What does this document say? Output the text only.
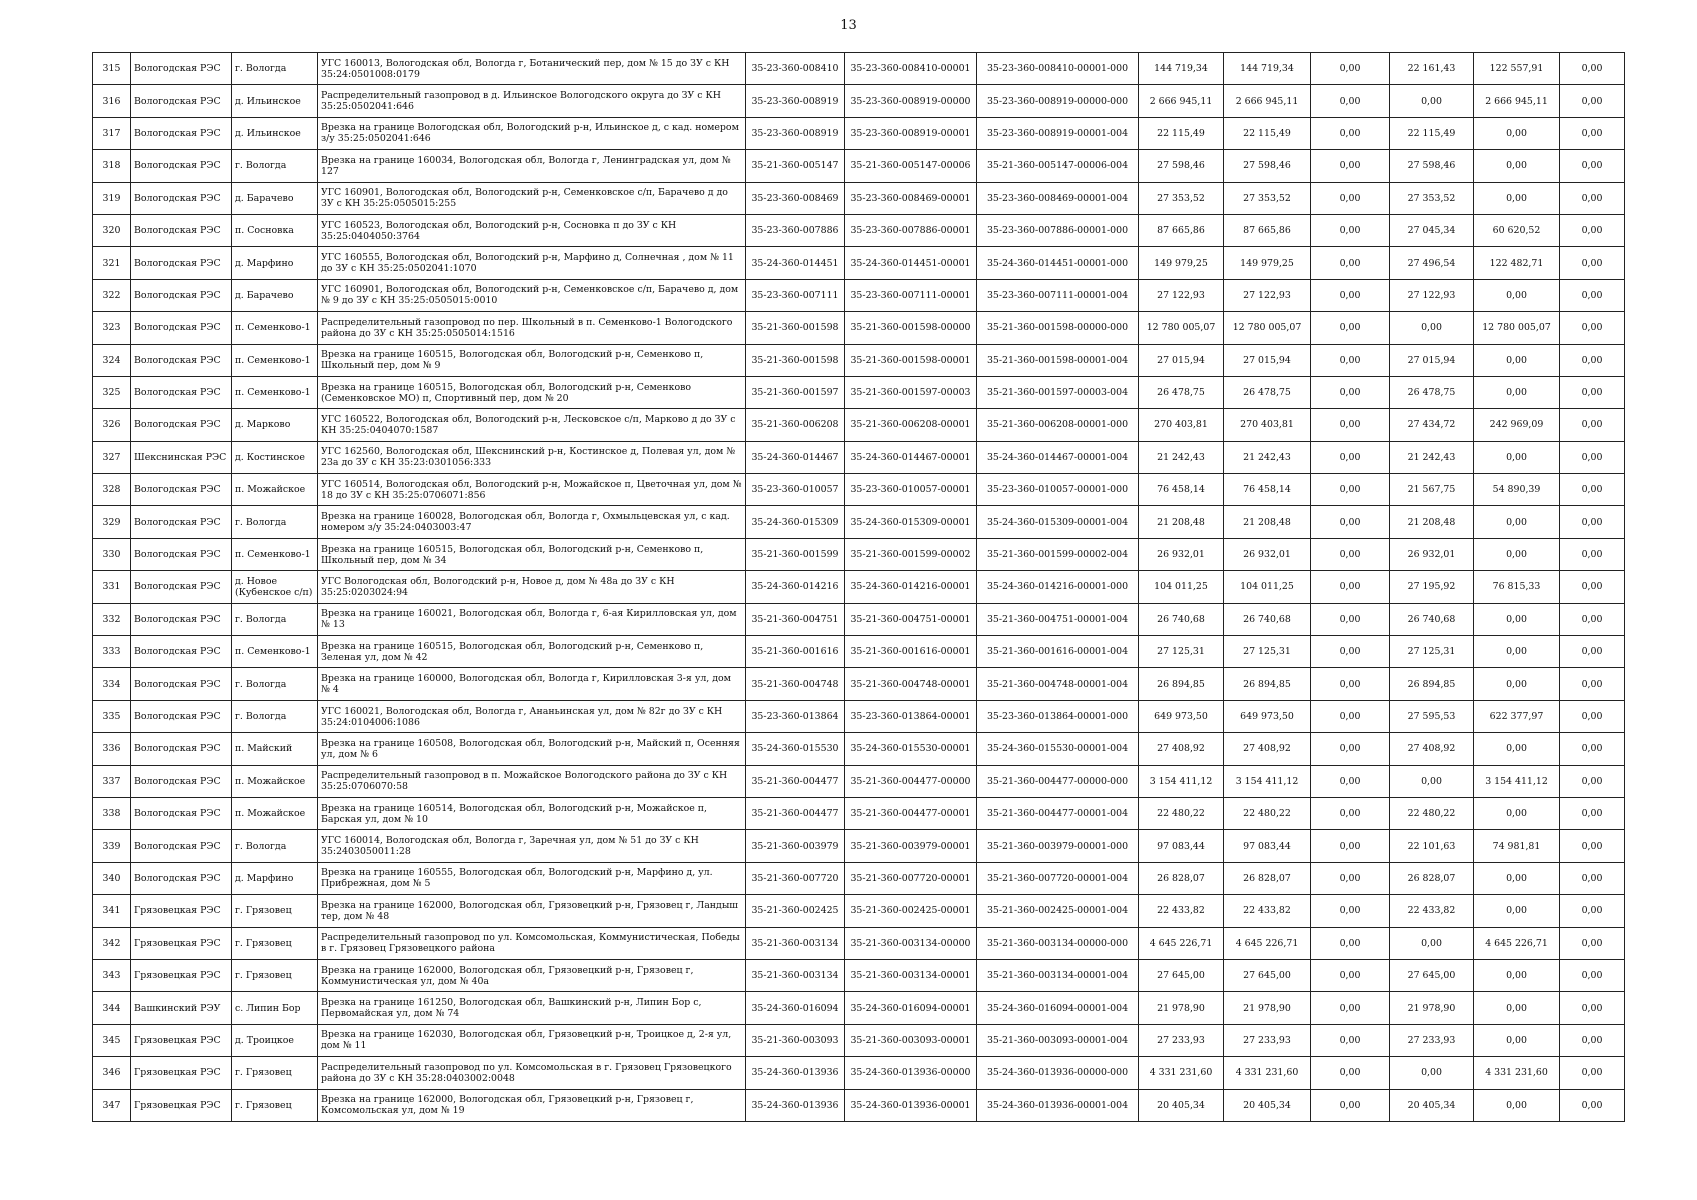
13
315	Вологодская РЭС	г. Вологда	УГС 160013, Вологодская обл, Вологда г, Ботанический пер, дом № 15 до ЗУ с КН 35:24:0501008:0179	35-23-360-008410	35-23-360-008410-00001	35-23-360-008410-00001-000	144 719,34	144 719,34	0,00	22 161,43	122 557,91	0,00
316	Вологодская РЭС	д. Ильинское	Распределительный газопровод в д. Ильинское Вологодского округа до ЗУ с КН 35:25:0502041:646	35-23-360-008919	35-23-360-008919-00000	35-23-360-008919-00000-000	2 666 945,11	2 666 945,11	0,00	0,00	2 666 945,11	0,00
317	Вологодская РЭС	д. Ильинское	Врезка на границе Вологодская обл, Вологодский р-н, Ильинское д, с кад. номером з/у 35:25:0502041:646	35-23-360-008919	35-23-360-008919-00001	35-23-360-008919-00001-004	22 115,49	22 115,49	0,00	22 115,49	0,00	0,00
318	Вологодская РЭС	г. Вологда	Врезка на границе 160034, Вологодская обл, Вологда г, Ленинградская ул, дом № 127	35-21-360-005147	35-21-360-005147-00006	35-21-360-005147-00006-004	27 598,46	27 598,46	0,00	27 598,46	0,00	0,00
319	Вологодская РЭС	д. Барачево	УГС 160901, Вологодская обл, Вологодский р-н, Семенковское с/п, Барачево д до ЗУ с КН 35:25:0505015:255	35-23-360-008469	35-23-360-008469-00001	35-23-360-008469-00001-004	27 353,52	27 353,52	0,00	27 353,52	0,00	0,00
320	Вологодская РЭС	п. Сосновка	УГС 160523, Вологодская обл, Вологодский р-н, Сосновка п до ЗУ с КН 35:25:0404050:3764	35-23-360-007886	35-23-360-007886-00001	35-23-360-007886-00001-000	87 665,86	87 665,86	0,00	27 045,34	60 620,52	0,00
321	Вологодская РЭС	д. Марфино	УГС 160555, Вологодская обл, Вологодский р-н, Марфино д, Солнечная , дом № 11 до ЗУ с КН 35:25:0502041:1070	35-24-360-014451	35-24-360-014451-00001	35-24-360-014451-00001-000	149 979,25	149 979,25	0,00	27 496,54	122 482,71	0,00
322	Вологодская РЭС	д. Барачево	УГС 160901, Вологодская обл, Вологодский р-н, Семенковское с/п, Барачево д, дом № 9 до ЗУ с КН 35:25:0505015:0010	35-23-360-007111	35-23-360-007111-00001	35-23-360-007111-00001-004	27 122,93	27 122,93	0,00	27 122,93	0,00	0,00
323	Вологодская РЭС	п. Семенково-1	Распределительный газопровод по пер. Школьный в п. Семенково-1 Вологодского района до ЗУ с КН 35:25:0505014:1516	35-21-360-001598	35-21-360-001598-00000	35-21-360-001598-00000-000	12 780 005,07	12 780 005,07	0,00	0,00	12 780 005,07	0,00
324	Вологодская РЭС	п. Семенково-1	Врезка на границе 160515, Вологодская обл, Вологодский р-н, Семенково п, Школьный пер, дом № 9	35-21-360-001598	35-21-360-001598-00001	35-21-360-001598-00001-004	27 015,94	27 015,94	0,00	27 015,94	0,00	0,00
325	Вологодская РЭС	п. Семенково-1	Врезка на границе 160515, Вологодская обл, Вологодский р-н, Семенково (Семенковское МО) п, Спортивный пер, дом № 20	35-21-360-001597	35-21-360-001597-00003	35-21-360-001597-00003-004	26 478,75	26 478,75	0,00	26 478,75	0,00	0,00
326	Вологодская РЭС	д. Марково	УГС 160522, Вологодская обл, Вологодский р-н, Лесковское с/п, Марково д до ЗУ с КН 35:25:0404070:1587	35-21-360-006208	35-21-360-006208-00001	35-21-360-006208-00001-000	270 403,81	270 403,81	0,00	27 434,72	242 969,09	0,00
327	Шекснинская РЭС	д. Костинское	УГС 162560, Вологодская обл, Шекснинский р-н, Костинское д, Полевая ул, дом № 23а до ЗУ с КН 35:23:0301056:333	35-24-360-014467	35-24-360-014467-00001	35-24-360-014467-00001-004	21 242,43	21 242,43	0,00	21 242,43	0,00	0,00
328	Вологодская РЭС	п. Можайское	УГС 160514, Вологодская обл, Вологодский р-н, Можайское п, Цветочная ул, дом № 18 до ЗУ с КН 35:25:0706071:856	35-23-360-010057	35-23-360-010057-00001	35-23-360-010057-00001-000	76 458,14	76 458,14	0,00	21 567,75	54 890,39	0,00
329	Вологодская РЭС	г. Вологда	Врезка на границе 160028, Вологодская обл, Вологда г, Охмыльцевская ул, с кад. номером з/у 35:24:0403003:47	35-24-360-015309	35-24-360-015309-00001	35-24-360-015309-00001-004	21 208,48	21 208,48	0,00	21 208,48	0,00	0,00
330	Вологодская РЭС	п. Семенково-1	Врезка на границе 160515, Вологодская обл, Вологодский р-н, Семенково п, Школьный пер, дом № 34	35-21-360-001599	35-21-360-001599-00002	35-21-360-001599-00002-004	26 932,01	26 932,01	0,00	26 932,01	0,00	0,00
331	Вологодская РЭС	д. Новое (Кубенское с/п)	УГС Вологодская обл, Вологодский р-н, Новое д, дом № 48а до ЗУ с КН 35:25:0203024:94	35-24-360-014216	35-24-360-014216-00001	35-24-360-014216-00001-000	104 011,25	104 011,25	0,00	27 195,92	76 815,33	0,00
332	Вологодская РЭС	г. Вологда	Врезка на границе 160021, Вологодская обл, Вологда г, 6-ая Кирилловская ул, дом № 13	35-21-360-004751	35-21-360-004751-00001	35-21-360-004751-00001-004	26 740,68	26 740,68	0,00	26 740,68	0,00	0,00
333	Вологодская РЭС	п. Семенково-1	Врезка на границе 160515, Вологодская обл, Вологодский р-н, Семенково п, Зеленая ул, дом № 42	35-21-360-001616	35-21-360-001616-00001	35-21-360-001616-00001-004	27 125,31	27 125,31	0,00	27 125,31	0,00	0,00
334	Вологодская РЭС	г. Вологда	Врезка на границе 160000, Вологодская обл, Вологда г, Кирилловская 3-я ул, дом № 4	35-21-360-004748	35-21-360-004748-00001	35-21-360-004748-00001-004	26 894,85	26 894,85	0,00	26 894,85	0,00	0,00
335	Вологодская РЭС	г. Вологда	УГС 160021, Вологодская обл, Вологда г, Ананьинская ул, дом № 82г до ЗУ с КН 35:24:0104006:1086	35-23-360-013864	35-23-360-013864-00001	35-23-360-013864-00001-000	649 973,50	649 973,50	0,00	27 595,53	622 377,97	0,00
336	Вологодская РЭС	п. Майский	Врезка на границе 160508, Вологодская обл, Вологодский р-н, Майский п, Осенняя ул, дом № 6	35-24-360-015530	35-24-360-015530-00001	35-24-360-015530-00001-004	27 408,92	27 408,92	0,00	27 408,92	0,00	0,00
337	Вологодская РЭС	п. Можайское	Распределительный газопровод в п. Можайское Вологодского района до ЗУ с КН 35:25:0706070:58	35-21-360-004477	35-21-360-004477-00000	35-21-360-004477-00000-000	3 154 411,12	3 154 411,12	0,00	0,00	3 154 411,12	0,00
338	Вологодская РЭС	п. Можайское	Врезка на границе 160514, Вологодская обл, Вологодский р-н, Можайское п, Барская ул, дом № 10	35-21-360-004477	35-21-360-004477-00001	35-21-360-004477-00001-004	22 480,22	22 480,22	0,00	22 480,22	0,00	0,00
339	Вологодская РЭС	г. Вологда	УГС 160014, Вологодская обл, Вологда г, Заречная ул, дом № 51 до ЗУ с КН 35:2403050011:28	35-21-360-003979	35-21-360-003979-00001	35-21-360-003979-00001-000	97 083,44	97 083,44	0,00	22 101,63	74 981,81	0,00
340	Вологодская РЭС	д. Марфино	Врезка на границе 160555, Вологодская обл, Вологодский р-н, Марфино д, ул. Прибрежная, дом № 5	35-21-360-007720	35-21-360-007720-00001	35-21-360-007720-00001-004	26 828,07	26 828,07	0,00	26 828,07	0,00	0,00
341	Грязовецкая РЭС	г. Грязовец	Врезка на границе 162000, Вологодская обл, Грязовецкий р-н, Грязовец г, Ландыш тер, дом № 48	35-21-360-002425	35-21-360-002425-00001	35-21-360-002425-00001-004	22 433,82	22 433,82	0,00	22 433,82	0,00	0,00
342	Грязовецкая РЭС	г. Грязовец	Распределительный газопровод по ул. Комсомольская, Коммунистическая, Победы в г. Грязовец Грязовецкого района	35-21-360-003134	35-21-360-003134-00000	35-21-360-003134-00000-000	4 645 226,71	4 645 226,71	0,00	0,00	4 645 226,71	0,00
343	Грязовецкая РЭС	г. Грязовец	Врезка на границе 162000, Вологодская обл, Грязовецкий р-н, Грязовец г, Коммунистическая ул, дом № 40а	35-21-360-003134	35-21-360-003134-00001	35-21-360-003134-00001-004	27 645,00	27 645,00	0,00	27 645,00	0,00	0,00
344	Вашкинский РЭУ	с. Липин Бор	Врезка на границе 161250, Вологодская обл, Вашкинский р-н, Липин Бор с, Первомайская ул, дом № 74	35-24-360-016094	35-24-360-016094-00001	35-24-360-016094-00001-004	21 978,90	21 978,90	0,00	21 978,90	0,00	0,00
345	Грязовецкая РЭС	д. Троицкое	Врезка на границе 162030, Вологодская обл, Грязовецкий р-н, Троицкое д, 2-я ул, дом № 11	35-21-360-003093	35-21-360-003093-00001	35-21-360-003093-00001-004	27 233,93	27 233,93	0,00	27 233,93	0,00	0,00
346	Грязовецкая РЭС	г. Грязовец	Распределительный газопровод по ул. Комсомольская в г. Грязовец Грязовецкого района до ЗУ с КН 35:28:0403002:0048	35-24-360-013936	35-24-360-013936-00000	35-24-360-013936-00000-000	4 331 231,60	4 331 231,60	0,00	0,00	4 331 231,60	0,00
347	Грязовецкая РЭС	г. Грязовец	Врезка на границе 162000, Вологодская обл, Грязовецкий р-н, Грязовец г, Комсомольская ул, дом № 19	35-24-360-013936	35-24-360-013936-00001	35-24-360-013936-00001-004	20 405,34	20 405,34	0,00	20 405,34	0,00	0,00
